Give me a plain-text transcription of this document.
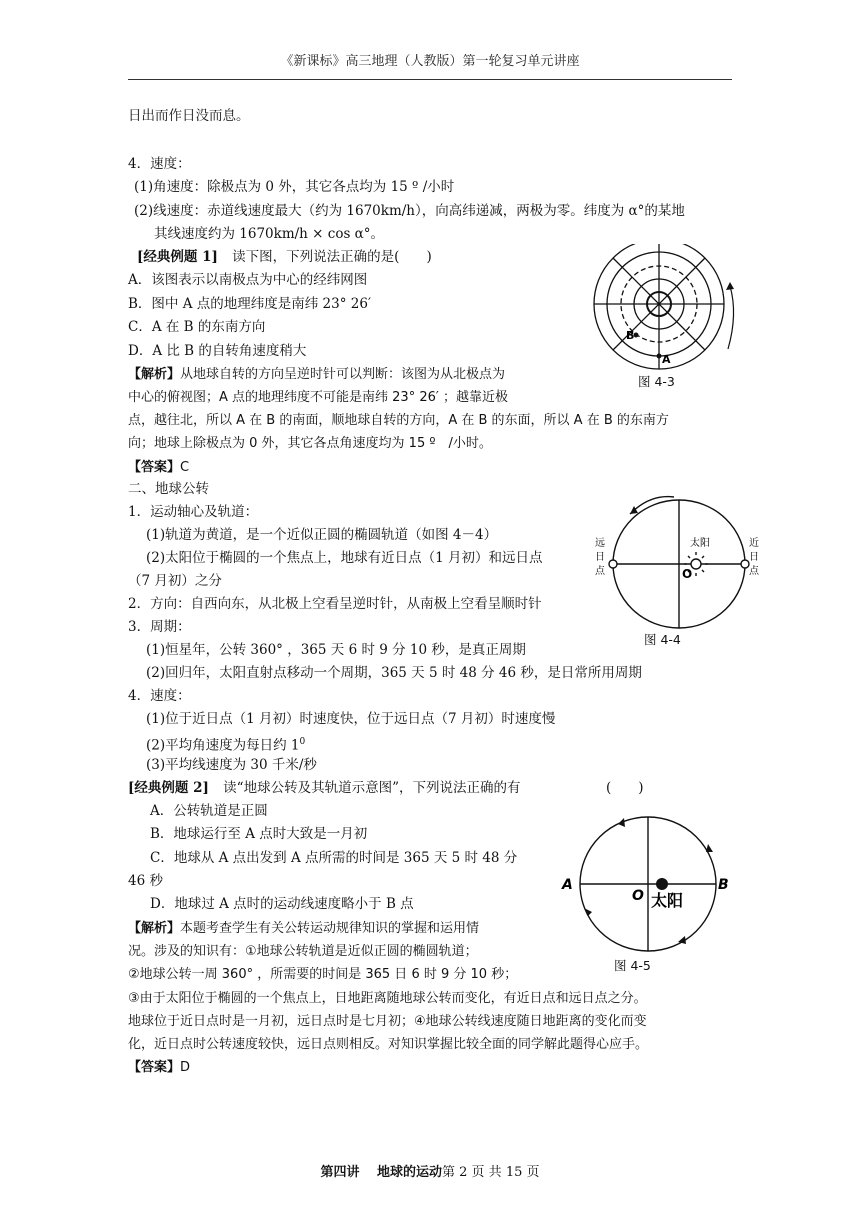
《新课标》高三地理（人教版）第一轮复习单元讲座
日出而作日没而息。
4．速度：
(1)角速度：除极点为 0 外，其它各点均为 15 º /小时
(2)线速度：赤道线速度最大（约为 1670km/h），向高纬递减，两极为零。纬度为 α°的某地
其线速度约为 1670km/h × cos α°。
[经典例题 1] 读下图，下列说法正确的是(　　)
A．该图表示以南极点为中心的经纬网图
B．图中 A 点的地理纬度是南纬 23° 26′
C．A 在 B 的东南方向
D．A 比 B 的自转角速度稍大
【解析】从地球自转的方向呈逆时针可以判断：该图为从北极点为
中心的俯视图；A 点的地理纬度不可能是南纬 23° 26′ ；越靠近极
点，越往北，所以 A 在 B 的南面，顺地球自转的方向，A 在 B 的东面，所以 A 在 B 的东南方
向；地球上除极点为 0 外，其它各点角速度均为 15 º　/小时。
【答案】C
二、地球公转
1．运动轴心及轨道：
(1)轨道为黄道，是一个近似正圆的椭圆轨道（如图 4－4）
(2)太阳位于椭圆的一个焦点上，地球有近日点（1 月初）和远日点
（7 月初）之分
2．方向：自西向东，从北极上空看呈逆时针，从南极上空看呈顺时针
3．周期：
(1)恒星年，公转 360° ，365 天 6 时 9 分 10 秒，是真正周期
(2)回归年，太阳直射点移动一个周期，365 天 5 时 48 分 46 秒，是日常所用周期
4．速度：
(1)位于近日点（1 月初）时速度快，位于远日点（7 月初）时速度慢
(2)平均角速度为每日约 $1^0$
(3)平均线速度为 30 千米/秒
[经典例题 2] 读“地球公转及其轨道示意图”，下列说法正确的有	(　　)
A．公转轨道是正圆
B．地球运行至 A 点时大致是一月初
C．地球从 A 点出发到 A 点所需的时间是 365 天 5 时 48 分
46 秒
D．地球过 A 点时的运动线速度略小于 B 点
【解析】本题考查学生有关公转运动规律知识的掌握和运用情
况。涉及的知识有：①地球公转轨道是近似正圆的椭圆轨道；
②地球公转一周 360° ，所需要的时间是 365 日 6 时 9 分 10 秒；
③由于太阳位于椭圆的一个焦点上，日地距离随地球公转而变化，有近日点和远日点之分。
地球位于近日点时是一月初，远日点时是七月初；④地球公转线速度随日地距离的变化而变
化，近日点时公转速度较快，远日点则相反。对知识掌握比较全面的同学解此题得心应手。
【答案】D
A
B
图 4-3
O
太阳
远 日 点
近 日 点
图 4-4
O 太阳
A	B
图 4-5
第四讲　 地球的运动第 2 页 共 15 页
